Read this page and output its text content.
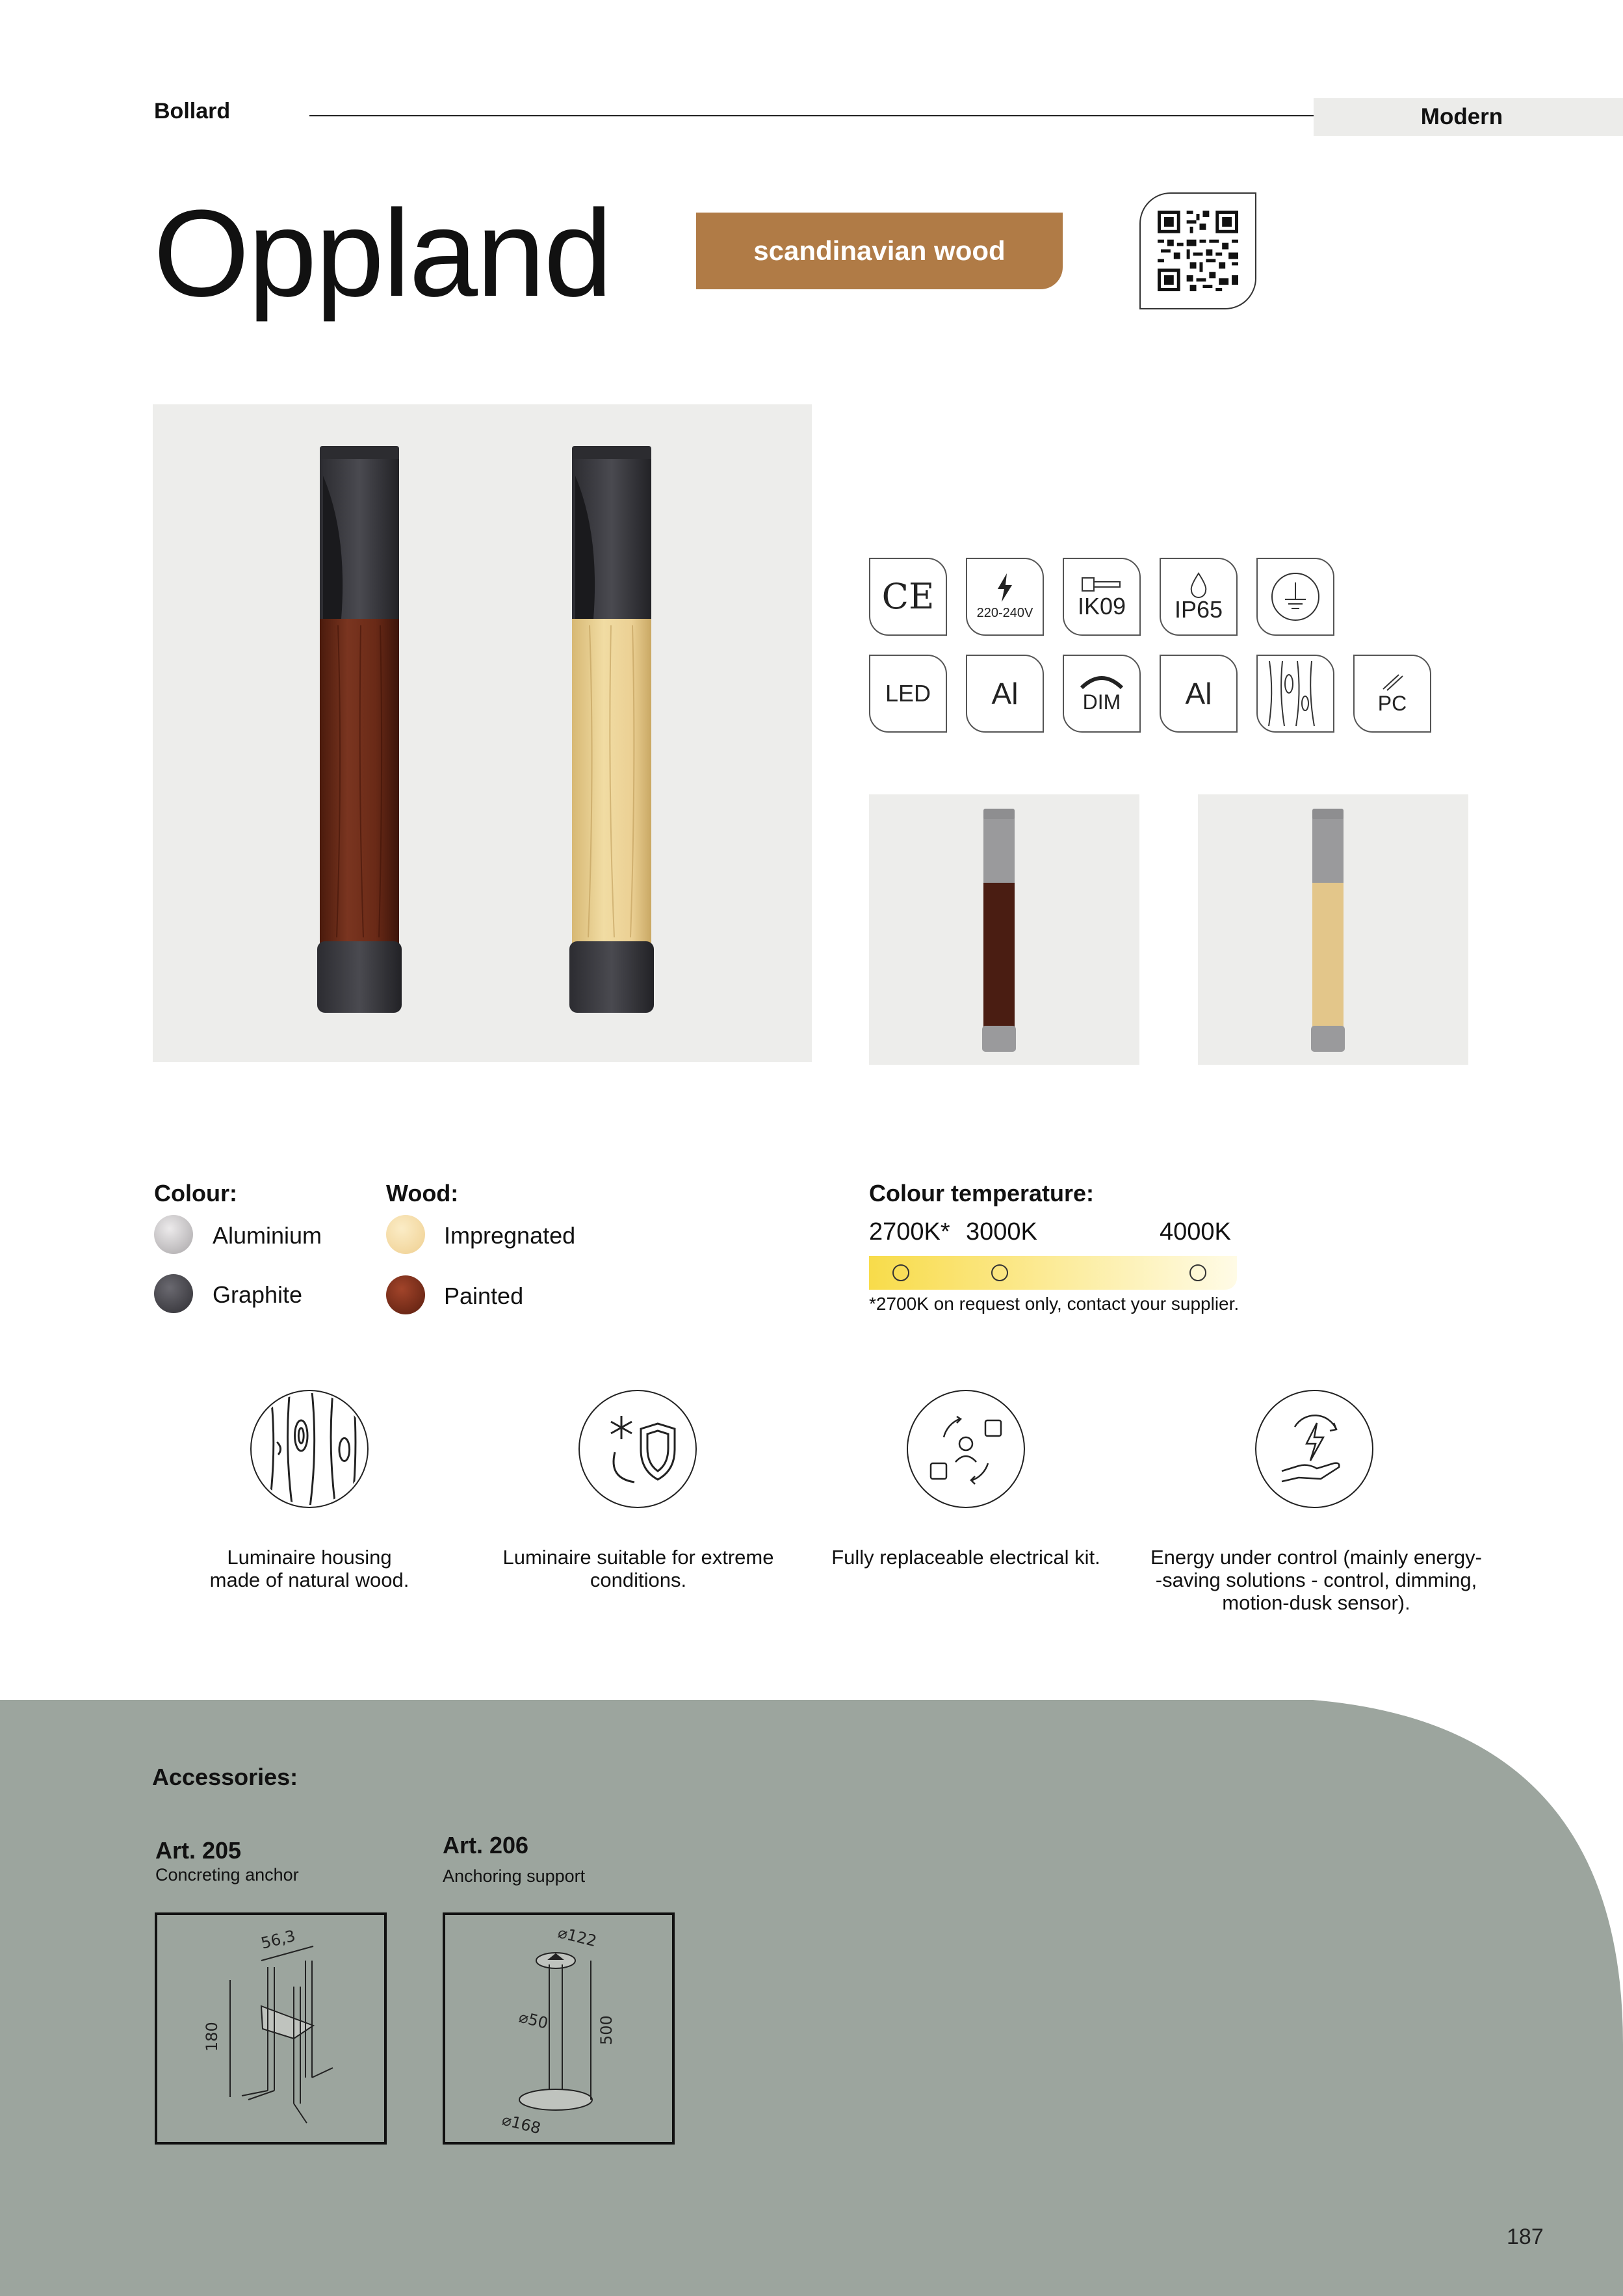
Bollard	Modern
Oppland	scandinavian wood
CE	220-240V IK09 IP65
LED Al	DIM Al	PC
Colour:
Aluminium
Graphite
Wood:
Impregnated
Painted
Colour temperature:
2700K* 3000K	4000K
*2700K on request only, contact your supplier.
Luminaire housing
made of natural wood.
Luminaire suitable for extreme
conditions.
Fully replaceable electrical kit.	Energy under control (mainly energy-
-saving solutions - control, dimming,
motion-dusk sensor).
Accessories:
Art. 205
Concreting anchor
56,3
180
Art. 206
Anchoring support
⌀122
⌀50	500
⌀168
187
